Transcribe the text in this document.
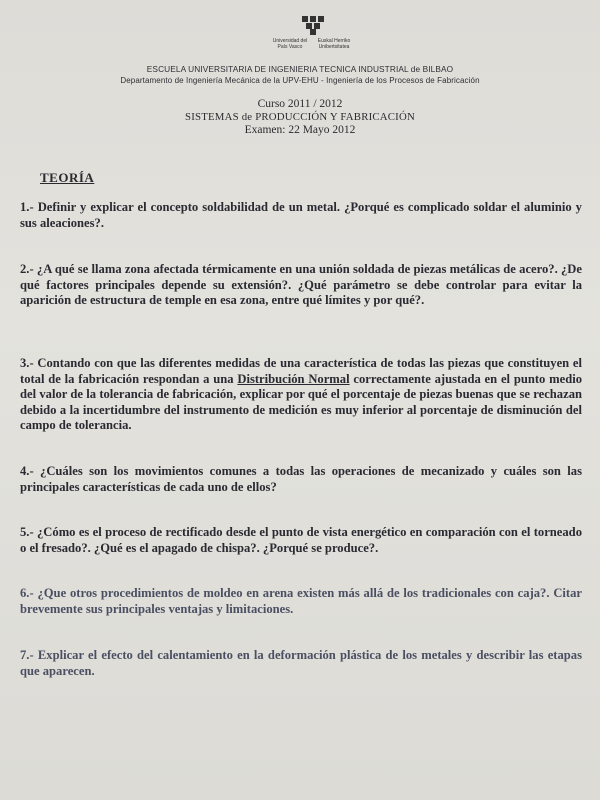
Universidad del País Vasco
Euskal Herriko Unibertsitatea
ESCUELA UNIVERSITARIA DE INGENIERIA TECNICA INDUSTRIAL de BILBAO
Departamento de Ingeniería Mecánica de la UPV-EHU - Ingeniería de los Procesos de Fabricación
Curso 2011 / 2012
SISTEMAS de PRODUCCIÓN Y FABRICACIÓN
Examen: 22 Mayo 2012
TEORÍA
1.- Definir y explicar el concepto soldabilidad de un metal. ¿Porqué es complicado soldar el aluminio y sus aleaciones?.
2.- ¿A qué se llama zona afectada térmicamente en una unión soldada de piezas metálicas de acero?. ¿De qué factores principales depende su extensión?. ¿Qué parámetro se debe controlar para evitar la aparición de estructura de temple en esa zona, entre qué límites y por qué?.
3.- Contando con que las diferentes medidas de una característica de todas las piezas que constituyen el total de la fabricación respondan a una Distribución Normal correctamente ajustada en el punto medio del valor de la tolerancia de fabricación, explicar por qué el porcentaje de piezas buenas que se rechazan debido a la incertidumbre del instrumento de medición es muy inferior al porcentaje de disminución del campo de tolerancia.
4.- ¿Cuáles son los movimientos comunes a todas las operaciones de mecanizado y cuáles son las principales características de cada uno de ellos?
5.- ¿Cómo es el proceso de rectificado desde el punto de vista energético en comparación con el torneado o el fresado?. ¿Qué es el apagado de chispa?. ¿Porqué se produce?.
6.- ¿Que otros procedimientos de moldeo en arena existen más allá de los tradicionales con caja?. Citar brevemente sus principales ventajas y limitaciones.
7.- Explicar el efecto del calentamiento en la deformación plástica de los metales y describir las etapas que aparecen.
